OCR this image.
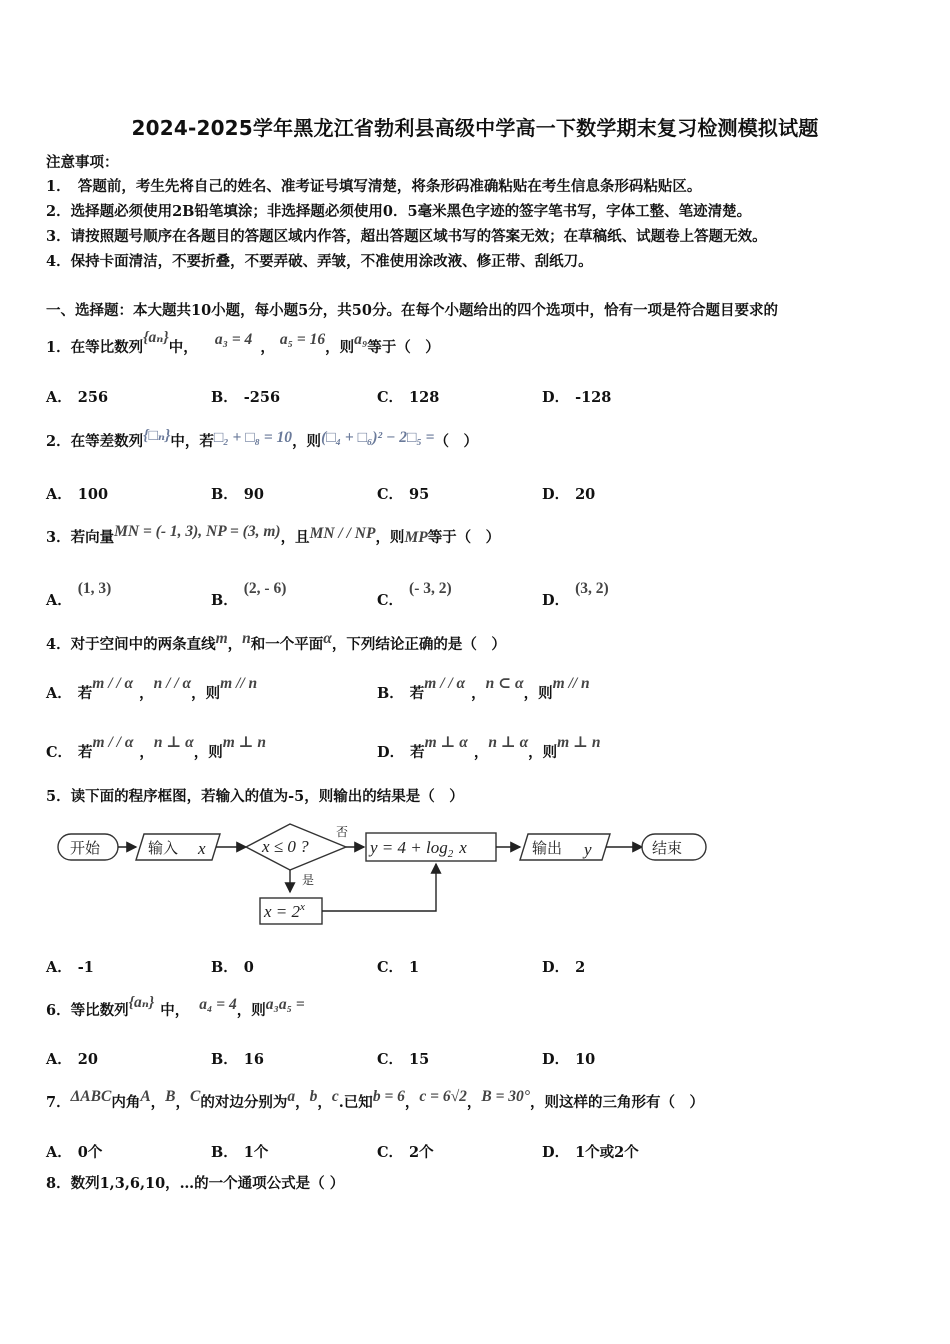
2024-2025学年黑龙江省勃利县高级中学高一下数学期末复习检测模拟试题
注意事项：
1．　答题前，考生先将自己的姓名、准考证号填写清楚，将条形码准确粘贴在考生信息条形码粘贴区。
2．选择题必须使用2B铅笔填涂；非选择题必须使用0．5毫米黑色字迹的签字笔书写，字体工整、笔迹清楚。
3．请按照题号顺序在各题目的答题区域内作答，超出答题区域书写的答案无效；在草稿纸、试题卷上答题无效。
4．保持卡面清洁，不要折叠，不要弄破、弄皱，不准使用涂改液、修正带、刮纸刀。
一、选择题：本大题共10小题，每小题5分，共50分。在每个小题给出的四个选项中，恰有一项是符合题目要求的
1．在等比数列{aₙ}中， a₃ = 4 ， a₅ = 16，则a₉等于（　）
A． 256	B． -256	C． 128	D． -128
2．在等差数列{□ₙ}中，若□₂ + □₈ = 10，则(□₄ + □₆)² − 2□₅ =（　）
A． 100	B． 90	C． 95	D． 20
3．若向量MN = (- 1, 3), NP = (3, m)，且MN / / NP，则MP等于（　）
A．(1, 3)
B．(2, - 6)
C．(- 3, 2)
D．(3, 2)
4．对于空间中的两条直线m，n和一个平面α，下列结论正确的是（　）
A． 若m / / α，n / / α，则m // n
B． 若m / / α，n ⊂ α，则m // n
C． 若m / / α，n ⊥ α，则m ⊥ n
D． 若m ⊥ α，n ⊥ α，则m ⊥ n
5．读下面的程序框图，若输入的值为-5，则输出的结果是（　）
开始	输入 x	x ≤ 0 ?
否
$y = 4 + \log_2 x$	输出 y	结束
是
$x = 2^x$
A． -1	B． 0	C． 1	D． 2
6．等比数列{aₙ} 中， a₄ = 4，则a₃a₅ =
A． 20	B． 16	C． 15	D． 10
7．ΔABC内角A，B，C的对边分别为a，b，c.已知b = 6，c = 6√2，B = 30°，则这样的三角形有（　）
A． 0个	B． 1个	C． 2个	D． 1个或2个
8．数列1,3,6,10，…的一个通项公式是（ ）
